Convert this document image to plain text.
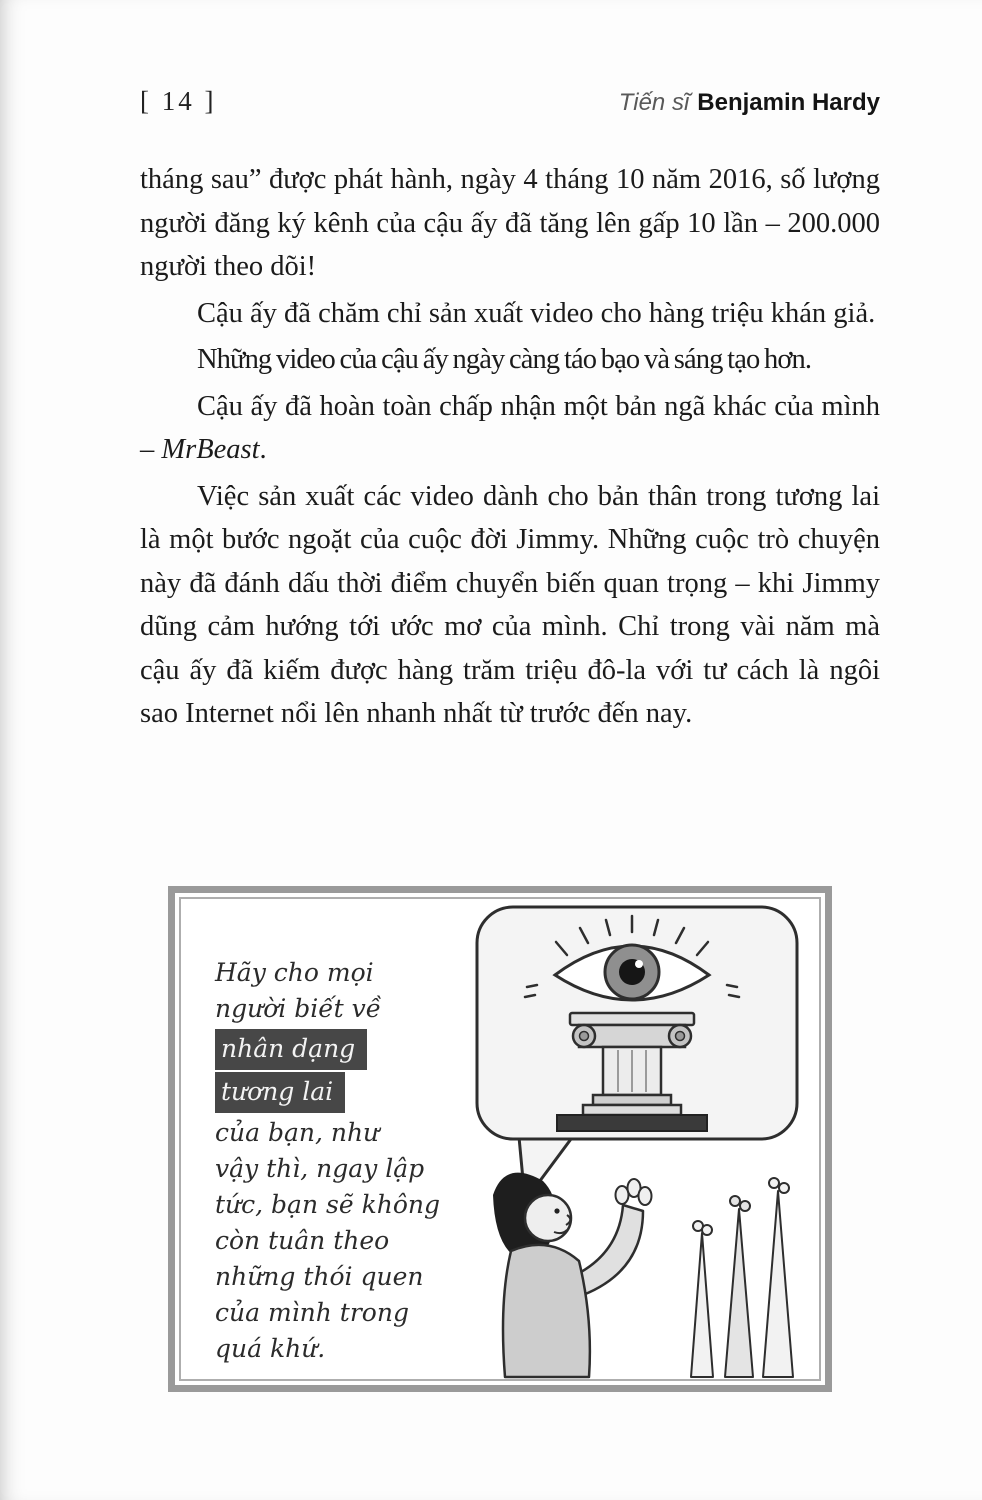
[ 14 ]	Tiến sĩ Benjamin Hardy

tháng sau” được phát hành, ngày 4 tháng 10 năm 2016, số lượng người đăng ký kênh của cậu ấy đã tăng lên gấp 10 lần – 200.000 người theo dõi!

Cậu ấy đã chăm chỉ sản xuất video cho hàng triệu khán giả.

Những video của cậu ấy ngày càng táo bạo và sáng tạo hơn.

Cậu ấy đã hoàn toàn chấp nhận một bản ngã khác của mình – MrBeast.

Việc sản xuất các video dành cho bản thân trong tương lai là một bước ngoặt của cuộc đời Jimmy. Những cuộc trò chuyện này đã đánh dấu thời điểm chuyển biến quan trọng – khi Jimmy dũng cảm hướng tới ước mơ của mình. Chỉ trong vài năm mà cậu ấy đã kiếm được hàng trăm triệu đô-la với tư cách là ngôi sao Internet nổi lên nhanh nhất từ trước đến nay.

Hãy cho mọi
người biết về
nhân dạng
tương lai
của bạn, như
vậy thì, ngay lập
tức, bạn sẽ không
còn tuân theo
những thói quen
của mình trong
quá khứ.
